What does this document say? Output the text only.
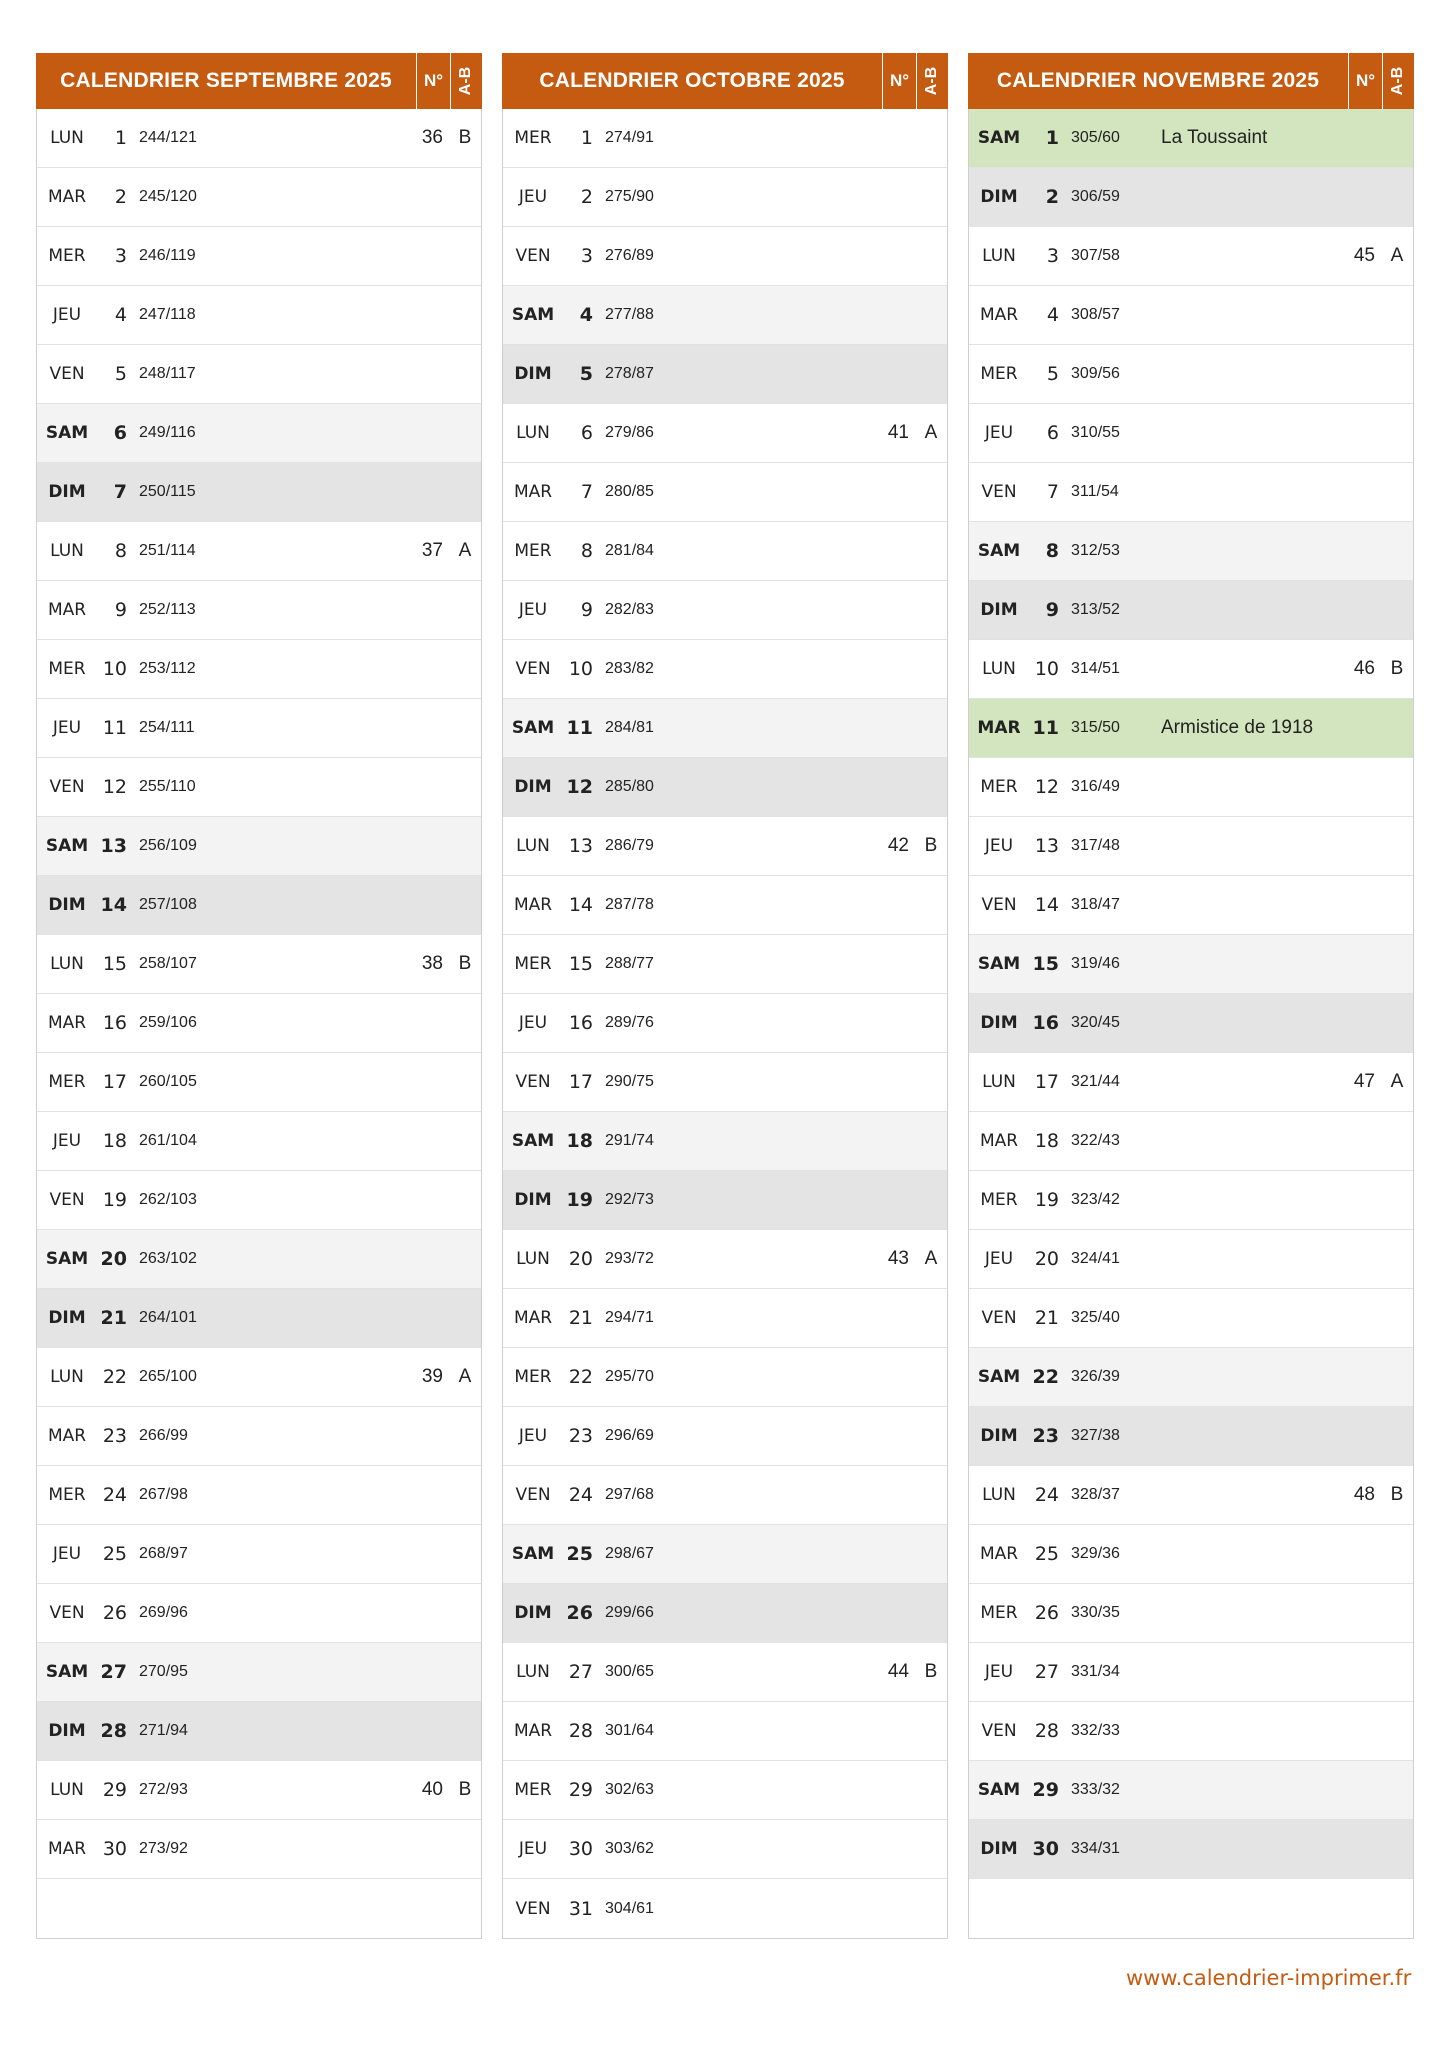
CALENDRIER SEPTEMBRE 2025	N° A-B
LUN	1 244/121	36 B
MAR	2 245/120
MER	3 246/119
JEU	4 247/118
VEN	5 248/117
SAM	6 249/116
DIM	7 250/115
LUN	8 251/114	37 A
MAR	9 252/113
MER 10 253/112
JEU	11 254/111
VEN 12 255/110
SAM 13 256/109
DIM 14 257/108
LUN 15 258/107	38 B
MAR 16 259/106
MER 17 260/105
JEU	18 261/104
VEN 19 262/103
SAM 20 263/102
DIM 21 264/101
LUN 22 265/100	39 A
MAR 23 266/99
MER 24 267/98
JEU	25 268/97
VEN 26 269/96
SAM 27 270/95
DIM 28 271/94
LUN 29 272/93	40 B
MAR 30 273/92
CALENDRIER OCTOBRE 2025	N° A-B
MER	1 274/91
JEU	2 275/90
VEN	3 276/89
SAM	4 277/88
DIM	5 278/87
LUN	6 279/86	41 A
MAR	7 280/85
MER	8 281/84
JEU	9 282/83
VEN 10 283/82
SAM 11 284/81
DIM 12 285/80
LUN 13 286/79	42 B
MAR 14 287/78
MER 15 288/77
JEU	16 289/76
VEN 17 290/75
SAM 18 291/74
DIM 19 292/73
LUN 20 293/72	43 A
MAR 21 294/71
MER 22 295/70
JEU	23 296/69
VEN 24 297/68
SAM 25 298/67
DIM 26 299/66
LUN 27 300/65	44 B
MAR 28 301/64
MER 29 302/63
JEU	30 303/62
VEN 31 304/61
CALENDRIER NOVEMBRE 2025	N° A-B
SAM	1 305/60	La Toussaint
DIM	2 306/59
LUN	3 307/58	45 A
MAR	4 308/57
MER	5 309/56
JEU	6 310/55
VEN	7 311/54
SAM	8 312/53
DIM	9 313/52
LUN 10 314/51	46 B
MAR 11 315/50	Armistice de 1918
MER 12 316/49
JEU	13 317/48
VEN 14 318/47
SAM 15 319/46
DIM 16 320/45
LUN 17 321/44	47 A
MAR 18 322/43
MER 19 323/42
JEU	20 324/41
VEN 21 325/40
SAM 22 326/39
DIM 23 327/38
LUN 24 328/37	48 B
MAR 25 329/36
MER 26 330/35
JEU	27 331/34
VEN 28 332/33
SAM 29 333/32
DIM 30 334/31
www.calendrier-imprimer.fr
